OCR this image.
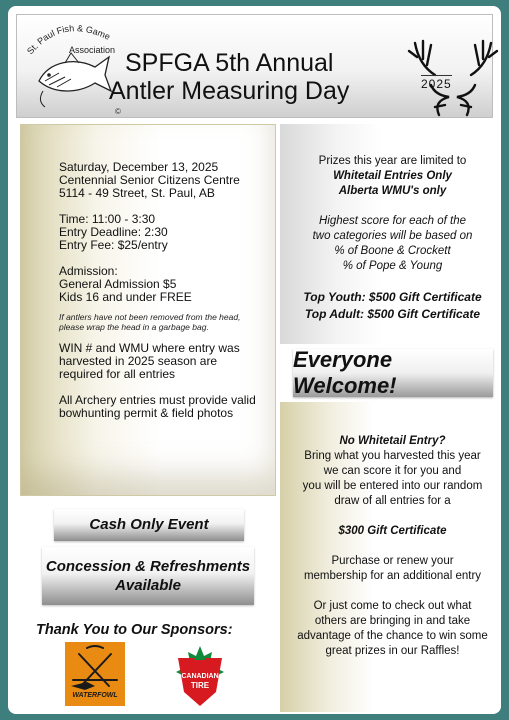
St. Paul Fish & Game
Association
©
SPFGA 5th Annual
Antler Measuring Day	2025

Saturday, December 13, 2025

Centennial Senior Citizens Centre

5114 - 49 Street, St. Paul, AB

Time: 11:00 - 3:30

Entry Deadline: 2:30

Entry Fee: $25/entry

Admission:

General Admission $5

Kids 16 and under FREE

If antlers have not been removed from the head,

please wrap the head in a garbage bag.

WIN # and WMU where entry was

harvested in 2025 season are

required for all entries

All Archery entries must provide valid

bowhunting permit & field photos

Prizes this year are limited to

Whitetail Entries Only

Alberta WMU's only

Highest score for each of the

two categories will be based on

% of Boone & Crockett

% of Pope & Young

Top Youth: $500 Gift Certificate

Top Adult: $500 Gift Certificate

Everyone Welcome!

No Whitetail Entry?

Bring what you harvested this year

we can score it for you and

you will be entered into our random

draw of all entries for a

$300 Gift Certificate

Purchase or renew your

membership for an additional entry

Or just come to check out what

others are bringing in and take

advantage of the chance to win some

great prizes in our Raffles!

Cash Only Event
Concession & Refreshments
Available
Thank You to Our Sponsors:
WATERFOWL
CANADIAN
TIRE
